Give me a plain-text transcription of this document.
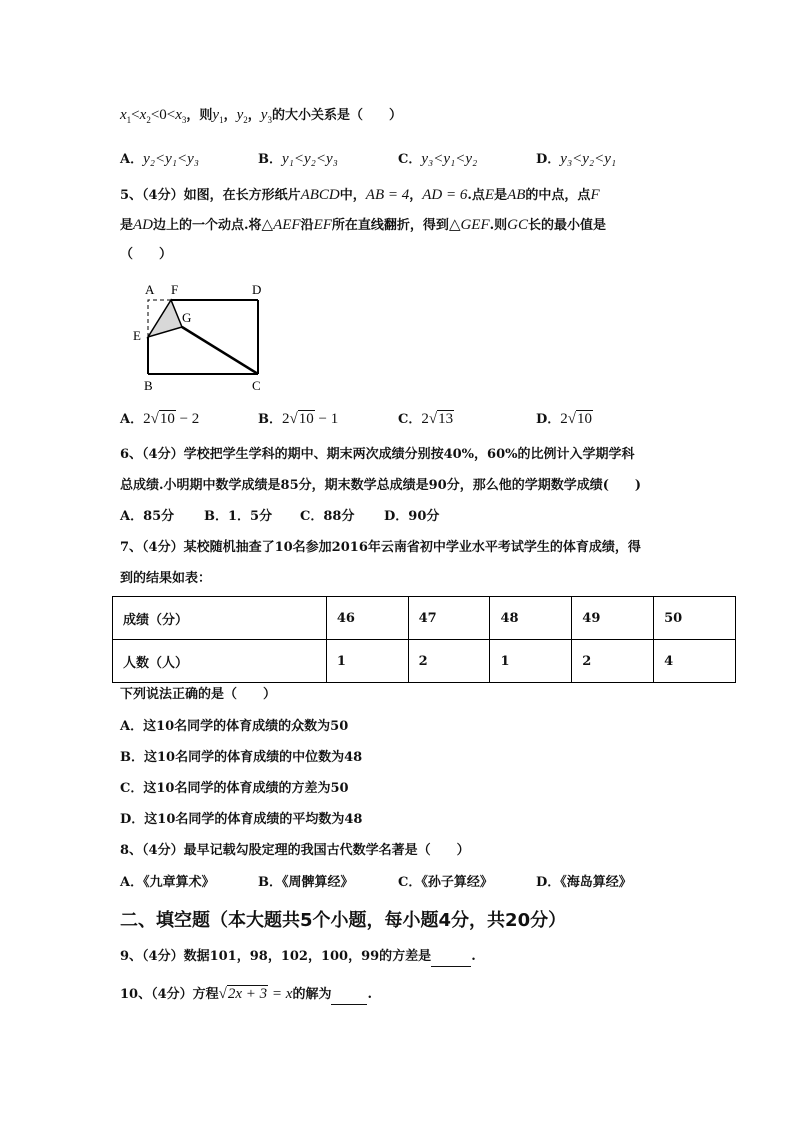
$x_1<x_2<0<x_3$，则$y_1$，$y_2$，$y_3$的大小关系是（　　）
A．y₂<y₁<y₃	B．y₁<y₂<y₃	C．y₃<y₁<y₂	D．y₃<y₂<y₁
5、（4分）如图，在长方形纸片ABCD中，AB = 4，AD = 6.点E是AB的中点，点F
是AD边上的一个动点.将△AEF沿EF所在直线翻折，得到△GEF.则GC长的最小值是
（　　）
A F	D
G
E
B	C
A．2√10 − 2	B．2√10 − 1	C．2√13	D．2√10
6、（4分）学校把学生学科的期中、期末两次成绩分别按40%，60%的比例计入学期学科
总成绩.小明期中数学成绩是85分，期末数学总成绩是90分，那么他的学期数学成绩(　　)
A．85分 B．1．5分 C．88分 D．90分
7、（4分）某校随机抽查了10名参加2016年云南省初中学业水平考试学生的体育成绩，得
到的结果如表：
成绩（分）	46	47	48	49	50
人数（人）	1	2	1	2	4
下列说法正确的是（　　）
A．这10名同学的体育成绩的众数为50
B．这10名同学的体育成绩的中位数为48
C．这10名同学的体育成绩的方差为50
D．这10名同学的体育成绩的平均数为48
8、（4分）最早记载勾股定理的我国古代数学名著是（　　）
A．《九章算术》	B．《周髀算经》	C．《孙子算经》	D．《海岛算经》
二、填空题（本大题共5个小题，每小题4分，共20分）
9、（4分）数据101，98，102，100，99的方差是	.
10、（4分）方程√2x + 3 = x的解为	.
